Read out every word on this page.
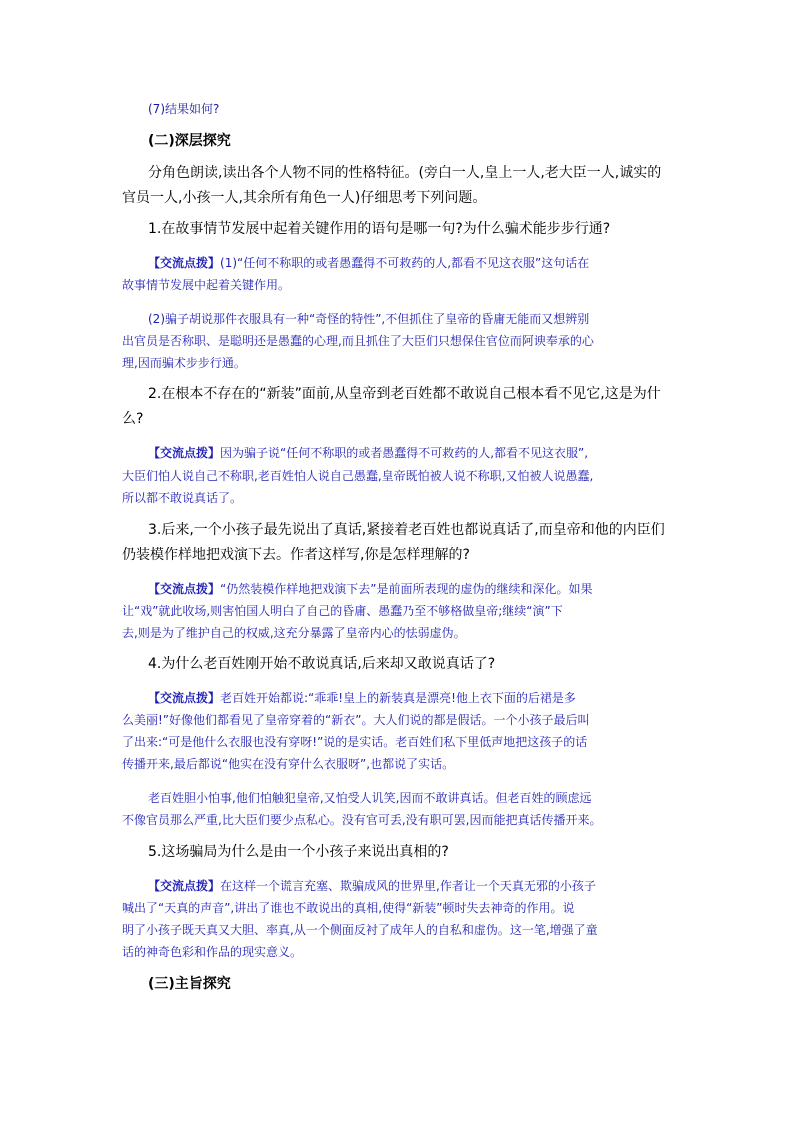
(7)结果如何?
(二)深层探究
分角色朗读,读出各个人物不同的性格特征。(旁白一人,皇上一人,老大臣一人,诚实的
官员一人,小孩一人,其余所有角色一人)仔细思考下列问题。
1.在故事情节发展中起着关键作用的语句是哪一句?为什么骗术能步步行通?
【交流点拨】(1)“任何不称职的或者愚蠢得不可救药的人,都看不见这衣服”这句话在
故事情节发展中起着关键作用。
(2)骗子胡说那件衣服具有一种“奇怪的特性”,不但抓住了皇帝的昏庸无能而又想辨别
出官员是否称职、是聪明还是愚蠢的心理,而且抓住了大臣们只想保住官位而阿谀奉承的心
理,因而骗术步步行通。
2.在根本不存在的“新装”面前,从皇帝到老百姓都不敢说自己根本看不见它,这是为什
么?
【交流点拨】因为骗子说“任何不称职的或者愚蠢得不可救药的人,都看不见这衣服”,
大臣们怕人说自己不称职,老百姓怕人说自己愚蠢,皇帝既怕被人说不称职,又怕被人说愚蠢,
所以都不敢说真话了。
3.后来,一个小孩子最先说出了真话,紧接着老百姓也都说真话了,而皇帝和他的内臣们
仍装模作样地把戏演下去。作者这样写,你是怎样理解的?
【交流点拨】“仍然装模作样地把戏演下去”是前面所表现的虚伪的继续和深化。如果
让“戏”就此收场,则害怕国人明白了自己的昏庸、愚蠢乃至不够格做皇帝;继续“演”下
去,则是为了维护自己的权威,这充分暴露了皇帝内心的怯弱虚伪。
4.为什么老百姓刚开始不敢说真话,后来却又敢说真话了?
【交流点拨】老百姓开始都说:“乖乖!皇上的新装真是漂亮!他上衣下面的后裙是多
么美丽!”好像他们都看见了皇帝穿着的“新衣”。大人们说的都是假话。一个小孩子最后叫
了出来:“可是他什么衣服也没有穿呀!”说的是实话。老百姓们私下里低声地把这孩子的话
传播开来,最后都说“他实在没有穿什么衣服呀”,也都说了实话。
老百姓胆小怕事,他们怕触犯皇帝,又怕受人讥笑,因而不敢讲真话。但老百姓的顾虑远
不像官员那么严重,比大臣们要少点私心。没有官可丢,没有职可罢,因而能把真话传播开来。
5.这场骗局为什么是由一个小孩子来说出真相的?
【交流点拨】在这样一个谎言充塞、欺骗成风的世界里,作者让一个天真无邪的小孩子
喊出了“天真的声音”,讲出了谁也不敢说出的真相,使得“新装”顿时失去神奇的作用。说
明了小孩子既天真又大胆、率真,从一个侧面反衬了成年人的自私和虚伪。这一笔,增强了童
话的神奇色彩和作品的现实意义。
(三)主旨探究
